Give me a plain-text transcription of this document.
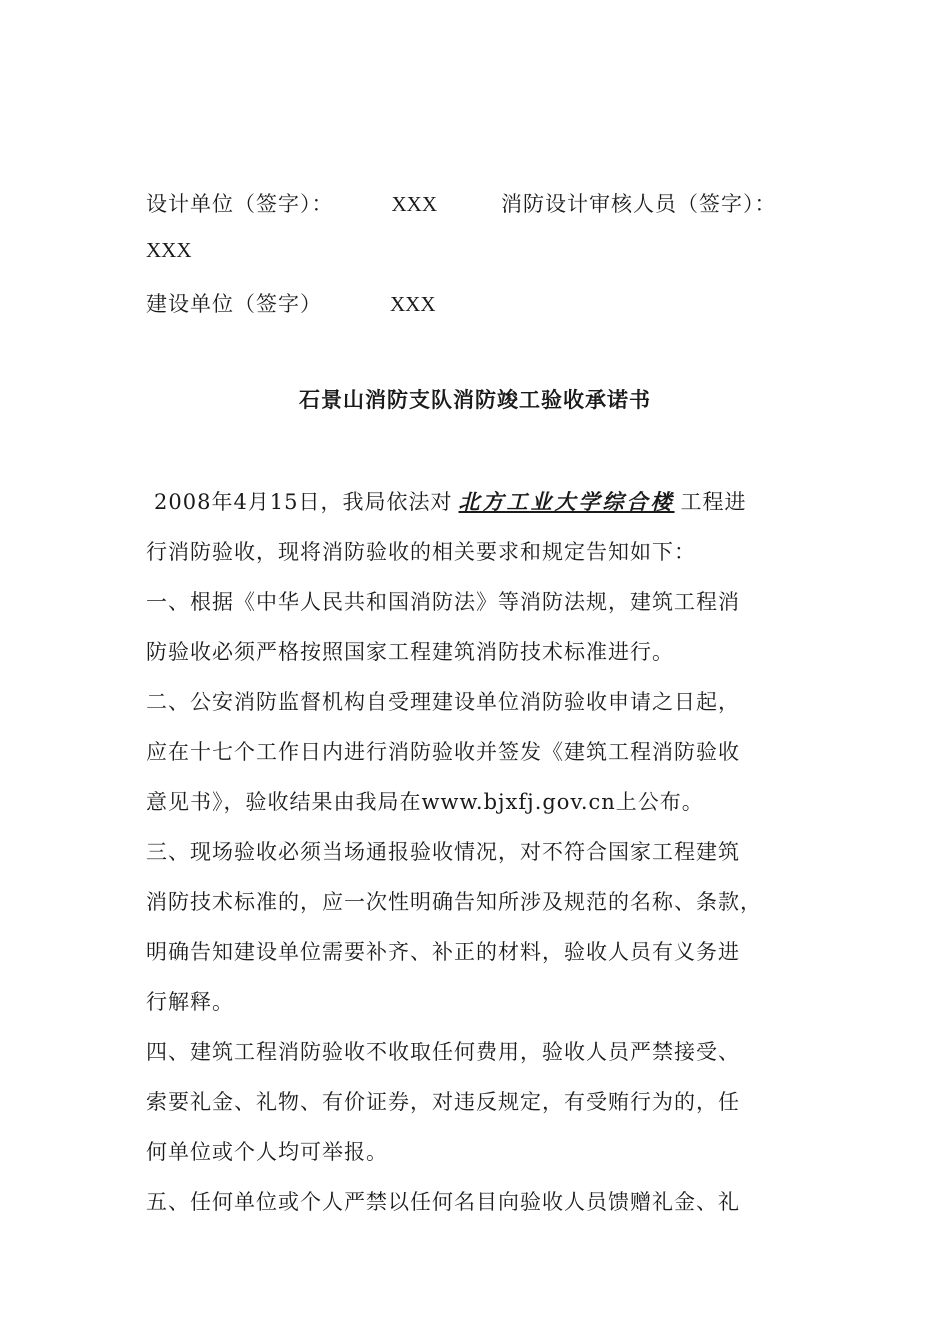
设计单位（签字）：	XXX	消防设计审核人员（签字）：
XXX
建设单位（签字）	XXX
石景山消防支队消防竣工验收承诺书
2008年4月15日，我局依法对 北方工业大学综合楼 工程进
行消防验收，现将消防验收的相关要求和规定告知如下：
一、根据《中华人民共和国消防法》等消防法规，建筑工程消
防验收必须严格按照国家工程建筑消防技术标准进行。
二、公安消防监督机构自受理建设单位消防验收申请之日起，
应在十七个工作日内进行消防验收并签发《建筑工程消防验收
意见书》，验收结果由我局在www.bjxfj.gov.cn上公布。
三、现场验收必须当场通报验收情况，对不符合国家工程建筑
消防技术标准的，应一次性明确告知所涉及规范的名称、条款，
明确告知建设单位需要补齐、补正的材料，验收人员有义务进
行解释。
四、建筑工程消防验收不收取任何费用，验收人员严禁接受、
索要礼金、礼物、有价证券，对违反规定，有受贿行为的，任
何单位或个人均可举报。
五、任何单位或个人严禁以任何名目向验收人员馈赠礼金、礼
